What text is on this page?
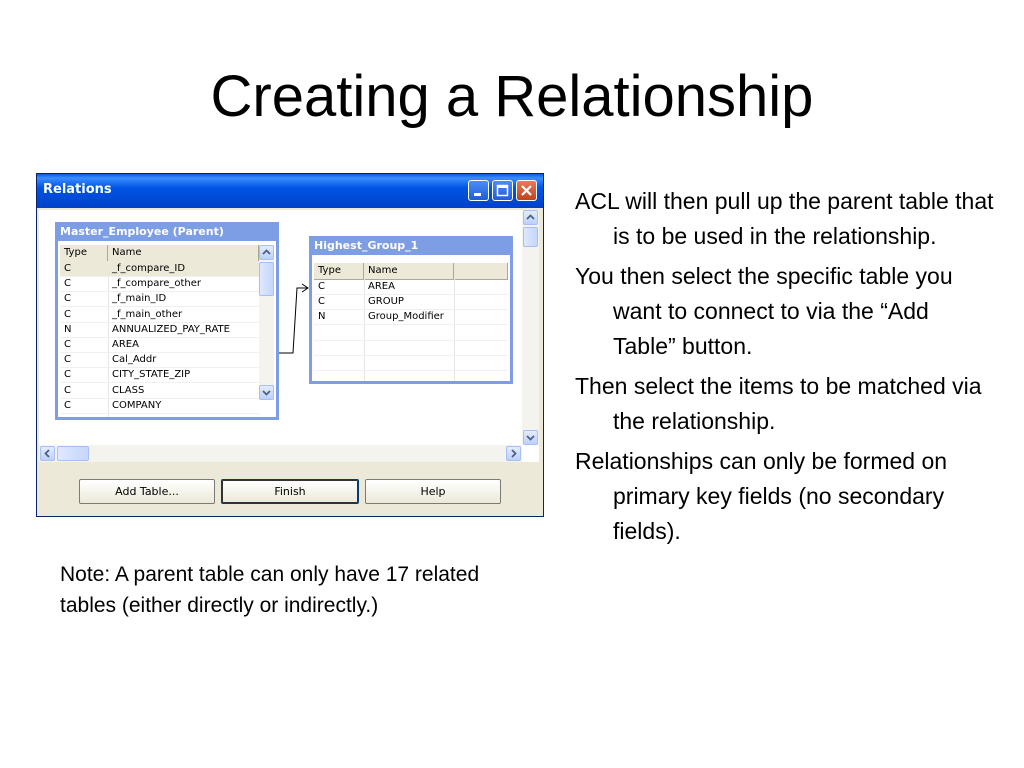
Creating a Relationship
Relations
Master_Employee (Parent)
Type	Name
C	_f_compare_ID
C	_f_compare_other
C	_f_main_ID
C	_f_main_other
N	ANNUALIZED_PAY_RATE
C	AREA
C	Cal_Addr
C	CITY_STATE_ZIP
C	CLASS
C	COMPANY
Highest_Group_1
Type	Name
C	AREA
C	GROUP
N	Group_Modifier
Add Table...	Finish	Help
Note: A parent table can only have 17 related tables (either directly or indirectly.)
ACL will then pull up the parent table that is to be used in the relationship.
You then select the specific table you want to connect to via the “Add Table” button.
Then select the items to be matched via the relationship.
Relationships can only be formed on primary key fields (no secondary fields).
